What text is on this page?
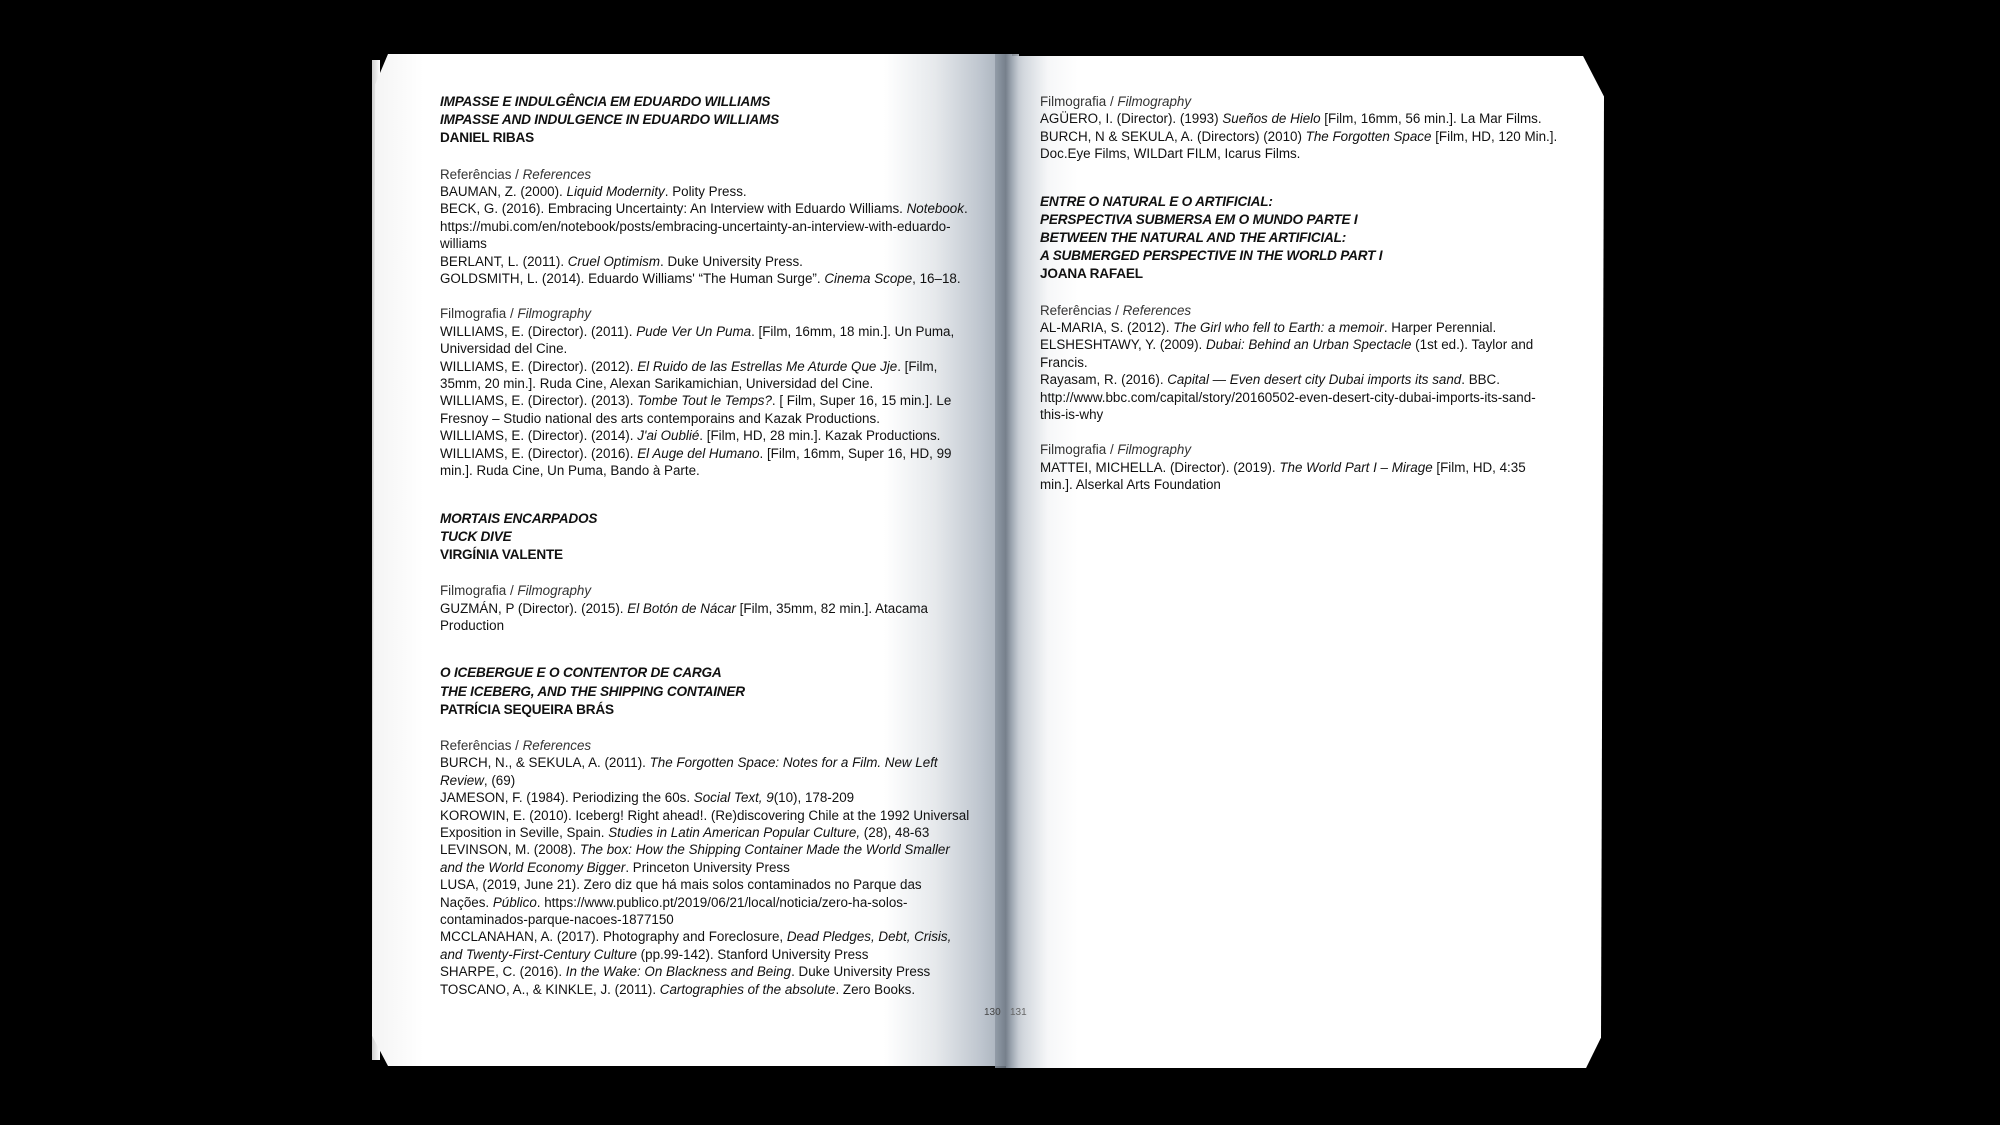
IMPASSE E INDULGÊNCIA EM EDUARDO WILLIAMS
IMPASSE AND INDULGENCE IN EDUARDO WILLIAMS
DANIEL RIBAS
Referências / References
BAUMAN, Z. (2000). Liquid Modernity. Polity Press.
BECK, G. (2016). Embracing Uncertainty: An Interview with Eduardo Williams. Notebook. https://mubi.com/en/notebook/posts/embracing-uncertainty-an-interview-with-eduardo-williams
BERLANT, L. (2011). Cruel Optimism. Duke University Press.
GOLDSMITH, L. (2014). Eduardo Williams' “The Human Surge”. Cinema Scope, 16–18.
Filmografia / Filmography
WILLIAMS, E. (Director). (2011). Pude Ver Un Puma. [Film, 16mm, 18 min.]. Un Puma, Universidad del Cine.
WILLIAMS, E. (Director). (2012). El Ruido de las Estrellas Me Aturde Que Jje. [Film, 35mm, 20 min.]. Ruda Cine, Alexan Sarikamichian, Universidad del Cine.
WILLIAMS, E. (Director). (2013). Tombe Tout le Temps?. [ Film, Super 16, 15 min.]. Le Fresnoy – Studio national des arts contemporains and Kazak Productions.
WILLIAMS, E. (Director). (2014). J'ai Oublié. [Film, HD, 28 min.]. Kazak Productions.
WILLIAMS, E. (Director). (2016). El Auge del Humano. [Film, 16mm, Super 16, HD, 99 min.]. Ruda Cine, Un Puma, Bando à Parte.
MORTAIS ENCARPADOS
TUCK DIVE
VIRGÍNIA VALENTE
Filmografia / Filmography
GUZMÁN, P (Director). (2015). El Botón de Nácar [Film, 35mm, 82 min.]. Atacama Production
O ICEBERGUE E O CONTENTOR DE CARGA
THE ICEBERG, AND THE SHIPPING CONTAINER
PATRÍCIA SEQUEIRA BRÁS
Referências / References
BURCH, N., & SEKULA, A. (2011). The Forgotten Space: Notes for a Film. New Left Review, (69)
JAMESON, F. (1984). Periodizing the 60s. Social Text, 9(10), 178-209
KOROWIN, E. (2010). Iceberg! Right ahead!. (Re)discovering Chile at the 1992 Universal Exposition in Seville, Spain. Studies in Latin American Popular Culture, (28), 48-63
LEVINSON, M. (2008). The box: How the Shipping Container Made the World Smaller and the World Economy Bigger. Princeton University Press
LUSA, (2019, June 21). Zero diz que há mais solos contaminados no Parque das Nações. Público. https://www.publico.pt/2019/06/21/local/noticia/zero-ha-solos-contaminados-parque-nacoes-1877150
MCCLANAHAN, A. (2017). Photography and Foreclosure, Dead Pledges, Debt, Crisis, and Twenty-First-Century Culture (pp.99-142). Stanford University Press
SHARPE, C. (2016). In the Wake: On Blackness and Being. Duke University Press
TOSCANO, A., & KINKLE, J. (2011). Cartographies of the absolute. Zero Books.
Filmografia / Filmography
AGÜERO, I. (Director). (1993) Sueños de Hielo [Film, 16mm, 56 min.]. La Mar Films.
BURCH, N & SEKULA, A. (Directors) (2010) The Forgotten Space [Film, HD, 120 Min.]. Doc.Eye Films, WILDart FILM, Icarus Films.
ENTRE O NATURAL E O ARTIFICIAL:
PERSPECTIVA SUBMERSA EM O MUNDO PARTE I
BETWEEN THE NATURAL AND THE ARTIFICIAL:
A SUBMERGED PERSPECTIVE IN THE WORLD PART I
JOANA RAFAEL
Referências / References
AL-MARIA, S. (2012). The Girl who fell to Earth: a memoir. Harper Perennial.
ELSHESHTAWY, Y. (2009). Dubai: Behind an Urban Spectacle (1st ed.). Taylor and Francis.
Rayasam, R. (2016). Capital — Even desert city Dubai imports its sand. BBC. http://www.bbc.com/capital/story/20160502-even-desert-city-dubai-imports-its-sand-this-is-why
Filmografia / Filmography
MATTEI, MICHELLA. (Director). (2019). The World Part I – Mirage [Film, HD, 4:35 min.]. Alserkal Arts Foundation
130 131
